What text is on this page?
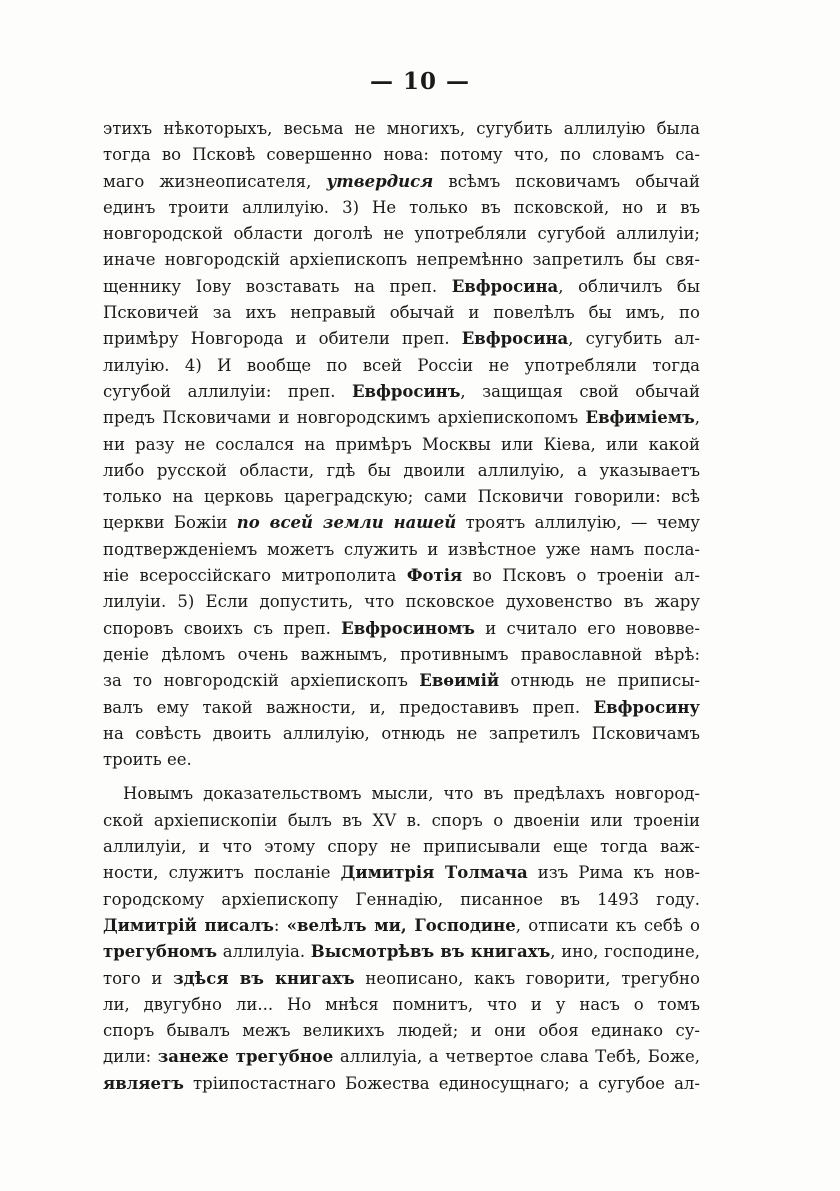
— 10 —
этихъ нѣкоторыхъ, весьма не многихъ, сугубить аллилуію была
тогда во Псковѣ совершенно нова: потому что, по словамъ са-
маго жизнеописателя, утвердися всѣмъ псковичамъ обычай
единъ троити аллилуію. 3) Не только въ псковской, но и въ
новгородской области доголѣ не употребляли сугубой аллилуіи;
иначе новгородскій архіепископъ непремѣнно запретилъ бы свя-
щеннику Іову возставать на преп. Евфросина, обличилъ бы
Псковичей за ихъ неправый обычай и повелѣлъ бы имъ, по
примѣру Новгорода и обители преп. Евфросина, сугубить ал-
лилуію. 4) И вообще по всей Россіи не употребляли тогда
сугубой аллилуіи: преп. Евфросинъ, защищая свой обычай
предъ Псковичами и новгородскимъ архіепископомъ Евфимiемъ,
ни разу не сослался на примѣръ Москвы или Кіева, или какой
либо русской области, гдѣ бы двоили аллилуію, а указываетъ
только на церковь цареградскую; сами Псковичи говорили: всѣ
церкви Божіи по всей земли нашей троятъ аллилуію, — чему
подтвержденіемъ можетъ служить и извѣстное уже намъ посла-
ніе всероссійскаго митрополита Фотія во Псковъ о троеніи ал-
лилуіи. 5) Если допустить, что псковское духовенство въ жару
споровъ своихъ съ преп. Евфросиномъ и считало его нововве-
деніе дѣломъ очень важнымъ, противнымъ православной вѣрѣ:
за то новгородскій архіепископъ Евѳимій отнюдь не приписы-
валъ ему такой важности, и, предоставивъ преп. Евфросину
на совѣсть двоить аллилуію, отнюдь не запретилъ Псковичамъ
троить ее.
Новымъ доказательствомъ мысли, что въ предѣлахъ новгород-
ской архіепископіи былъ въ XV в. споръ о двоеніи или троеніи
аллилуіи, и что этому спору не приписывали еще тогда важ-
ности, служитъ посланіе Димитрія Толмача изъ Рима къ нов-
городскому архіепископу Геннадію, писанное въ 1493 году.
Димитрій писалъ: «велѣлъ ми, Господине, отписати къ себѣ о
трегубномъ аллилуіа. Высмотрѣвъ въ книгахъ, ино, господине,
того и здѣся въ книгахъ неописано, какъ говорити, трегубно
ли, двугубно ли... Но мнѣся помнитъ, что и у насъ о томъ
споръ бывалъ межъ великихъ людей; и они обоя единако су-
дили: занеже трегубное аллилуіа, а четвертое слава Тебѣ, Боже,
являетъ тріипостастнаго Божества единосущнаго; а сугубое ал-
